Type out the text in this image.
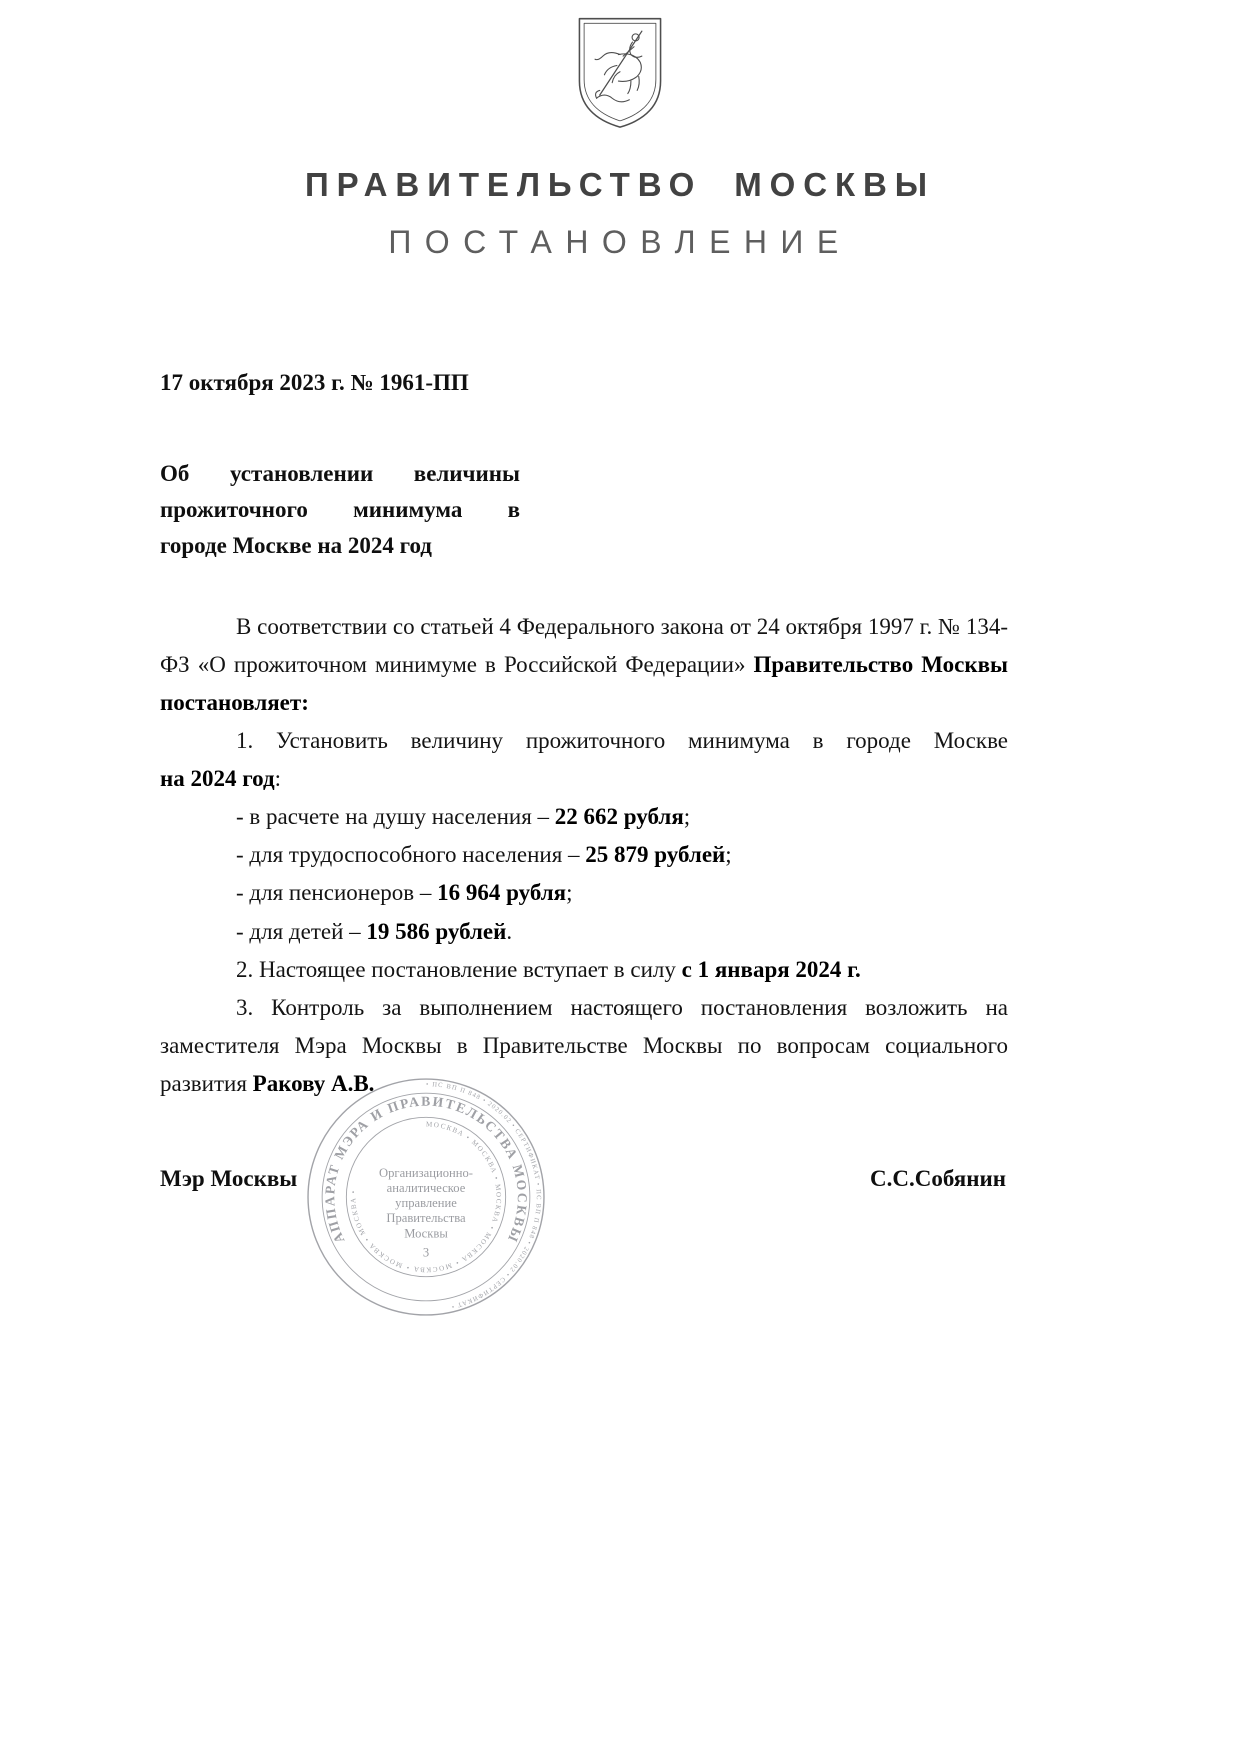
ПРАВИТЕЛЬСТВО МОСКВЫ
ПОСТАНОВЛЕНИЕ
17 октября 2023 г. № 1961-ПП
Об установлении величины
прожиточного минимума в
городе Москве на 2024 год

В соответствии со статьей 4 Федерального закона от 24 октября 1997 г. № 134-ФЗ «О прожиточном минимуме в Российской Федерации» Правительство Москвы постановляет:

1. Установить величину прожиточного минимума в городе Москве

на 2024 год:

- в расчете на душу населения – 22 662 рубля;

- для трудоспособного населения – 25 879 рублей;

- для пенсионеров – 16 964 рубля;

- для детей – 19 586 рублей.

2. Настоящее постановление вступает в силу с 1 января 2024 г.

3. Контроль за выполнением настоящего постановления возложить на заместителя Мэра Москвы в Правительстве Москвы по вопросам социального развития Ракову А.В.

Мэр Москвы	С.С.Собянин
• ПС ВП П 848 • 2020.02 • СЕРТИФИКАТ • ПС ВП П 848 • 2020.02 • СЕРТИФИКАТ •
АППАРАТ МЭРА И ПРАВИТЕЛЬСТВА МОСКВЫ
МОСКВА • МОСКВА • МОСКВА • МОСКВА • МОСКВА • МОСКВА • МОСКВА •
Организационно-
аналитическое
управление
Правительства
Москвы
3
